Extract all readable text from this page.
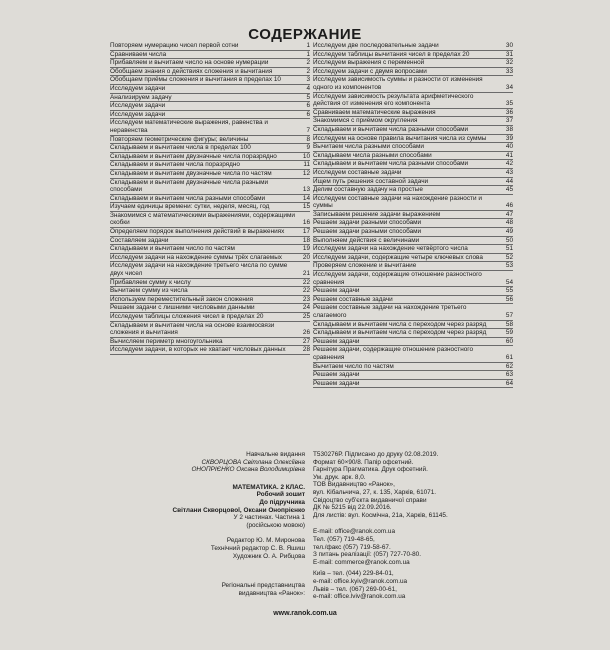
СОДЕРЖАНИЕ
Повторяем нумерацию чисел первой сотни	1
Сравниваем числа	1
Прибавляем и вычитаем число на основе нумерации	2
Обобщаем знания о действиях сложения и вычитания	2
Обобщаем приёмы сложения и вычитания в пределах 10	3
Исследуем задачи	4
Анализируем задачу	5
Исследуем задачи	6
Исследуем задачи	6
Исследуем математические выражения, равенства и неравенства	7
Повторяем геометрические фигуры; величины	8
Складываем и вычитаем числа в пределах 100	9
Складываем и вычитаем двузначные числа поразрядно	10
Складываем и вычитаем числа поразрядно	11
Складываем и вычитаем двузначные числа по частям	12
Складываем и вычитаем двузначные числа разными способами	13
Складываем и вычитаем числа разными способами	14
Изучаем единицы времени: сутки, неделя, месяц, год	15
Знакомимся с математическими выражениями, содержащими скобки	16
Определяем порядок выполнения действий в выражениях	17
Составляем задачи	18
Складываем и вычитаем число по частям	19
Исследуем задачи на нахождение суммы трёх слагаемых	20
Исследуем задачи на нахождение третьего числа по сумме двух чисел	21
Прибавляем сумму к числу	22
Вычитаем сумму из числа	22
Используем переместительный закон сложения	23
Решаем задачи с лишними числовыми данными	24
Исследуем таблицы сложения чисел в пределах 20	25
Складываем и вычитаем числа на основе взаимосвязи сложения и вычитания	26
Вычисляем периметр многоугольника	27
Исследуем задачи, в которых не хватает числовых данных	28
Исследуем две последовательные задачи	30
Исследуем таблицы вычитания чисел в пределах 20	31
Исследуем выражения с переменной	32
Исследуем задачи с двумя вопросами	33
Исследуем зависимость суммы и разности от изменения одного из компонентов	34
Исследуем зависимость результата арифметического действия от изменения его компонента	35
Сравниваем математические выражения	36
Знакомимся с приёмом округления	37
Складываем и вычитаем числа разными способами	38
Исследуем на основе правила вычитания числа из суммы	39
Вычитаем числа разными способами	40
Складываем числа разными способами	41
Складываем и вычитаем числа разными способами	42
Исследуем составные задачи	43
Ищем путь решения составной задачи	44
Делим составную задачу на простые	45
Исследуем составные задачи на нахождение разности и суммы	46
Записываем решение задачи выражением	47
Решаем задачи разными способами	48
Решаем задачи разными способами	49
Выполняем действия с величинами	50
Исследуем задачи на нахождение четвёртого числа	51
Исследуем задачи, содержащие четыре ключевых слова	52
Проверяем сложение и вычитание	53
Исследуем задачи, содержащие отношение разностного сравнения	54
Решаем задачи	55
Решаем составные задачи	56
Решаем составные задачи на нахождение третьего слагаемого	57
Складываем и вычитаем числа с переходом через разряд	58
Складываем и вычитаем числа с переходом через разряд	59
Решаем задачи	60
Решаем задачи, содержащие отношение разностного сравнения	61
Вычитаем число по частям	62
Решаем задачи	63
Решаем задачи	64
Навчальне видання
СКВОРЦОВА Світлана Олексіївна
ОНОПРІЄНКО Оксана Володимирівна
МАТЕМАТИКА. 2 КЛАС.
Робочий зошит
До підручника
Світлани Скворцової, Оксани Онопрієнко
У 2 частинах. Частина 1
(російською мовою)
Редактор Ю. М. Миронова
Технічний редактор С. В. Яшиш
Художник О. А. Рибцова
Регіональні представництва
видавництва «Ранок»:
Т530276Р. Підписано до друку 02.08.2019.
Формат 60×90/8. Папір офсетний.
Гарнітура Прагматика. Друк офсетний.
Ум. друк. арк. 8,0.
ТОВ Видавництво «Ранок»,
вул. Кібальчича, 27, к. 135, Харків, 61071.
Свідоцтво суб'єкта видавничої справи
ДК № 5215 від 22.09.2016.
Для листів: вул. Космічна, 21а, Харків, 61145.
E-mail: office@ranok.com.ua
Тел. (057) 719-48-65,
тел./факс (057) 719-58-67.
З питань реалізації: (057) 727-70-80.
E-mail: commerce@ranok.com.ua
Київ – тел. (044) 229-84-01,
e-mail: office.kyiv@ranok.com.ua
Львів – тел. (067) 269-00-61,
e-mail: office.lviv@ranok.com.ua
www.ranok.com.ua
